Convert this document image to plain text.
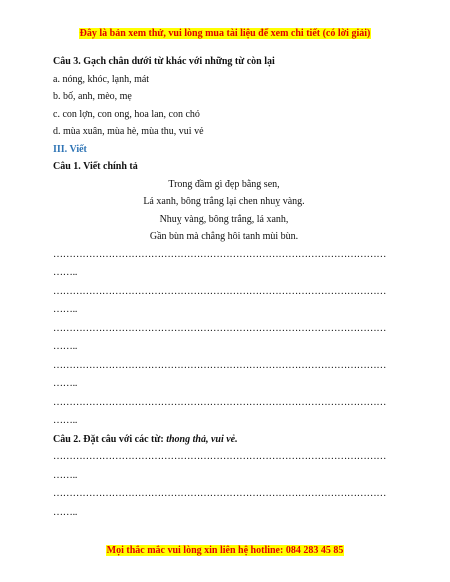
Đây là bản xem thử, vui lòng mua tài liệu để xem chi tiết (có lời giải)
Câu 3. Gạch chân dưới từ khác với những từ còn lại
a. nóng, khóc, lạnh, mát
b. bố, anh, mèo, mẹ
c. con lợn, con ong, hoa lan, con chó
d. mùa xuân, mùa hè, mùa thu, vui vẻ
III. Viết
Câu 1. Viết chính tả
Trong đầm gì đẹp bằng sen,
Lá xanh, bông trắng lại chen nhuỵ vàng.
Nhuỵ vàng, bông trắng, lá xanh,
Gần bùn mà chẳng hôi tanh mùi bùn.
…………………………………………………………………………………………
……..
…………………………………………………………………………………………
……..
…………………………………………………………………………………………
……..
…………………………………………………………………………………………
……..
…………………………………………………………………………………………
……..
Câu 2. Đặt câu với các từ: thong thả, vui vẻ.
…………………………………………………………………………………………
……..
…………………………………………………………………………………………
……..
Mọi thắc mắc vui lòng xin liên hệ hotline: 084 283 45 85
